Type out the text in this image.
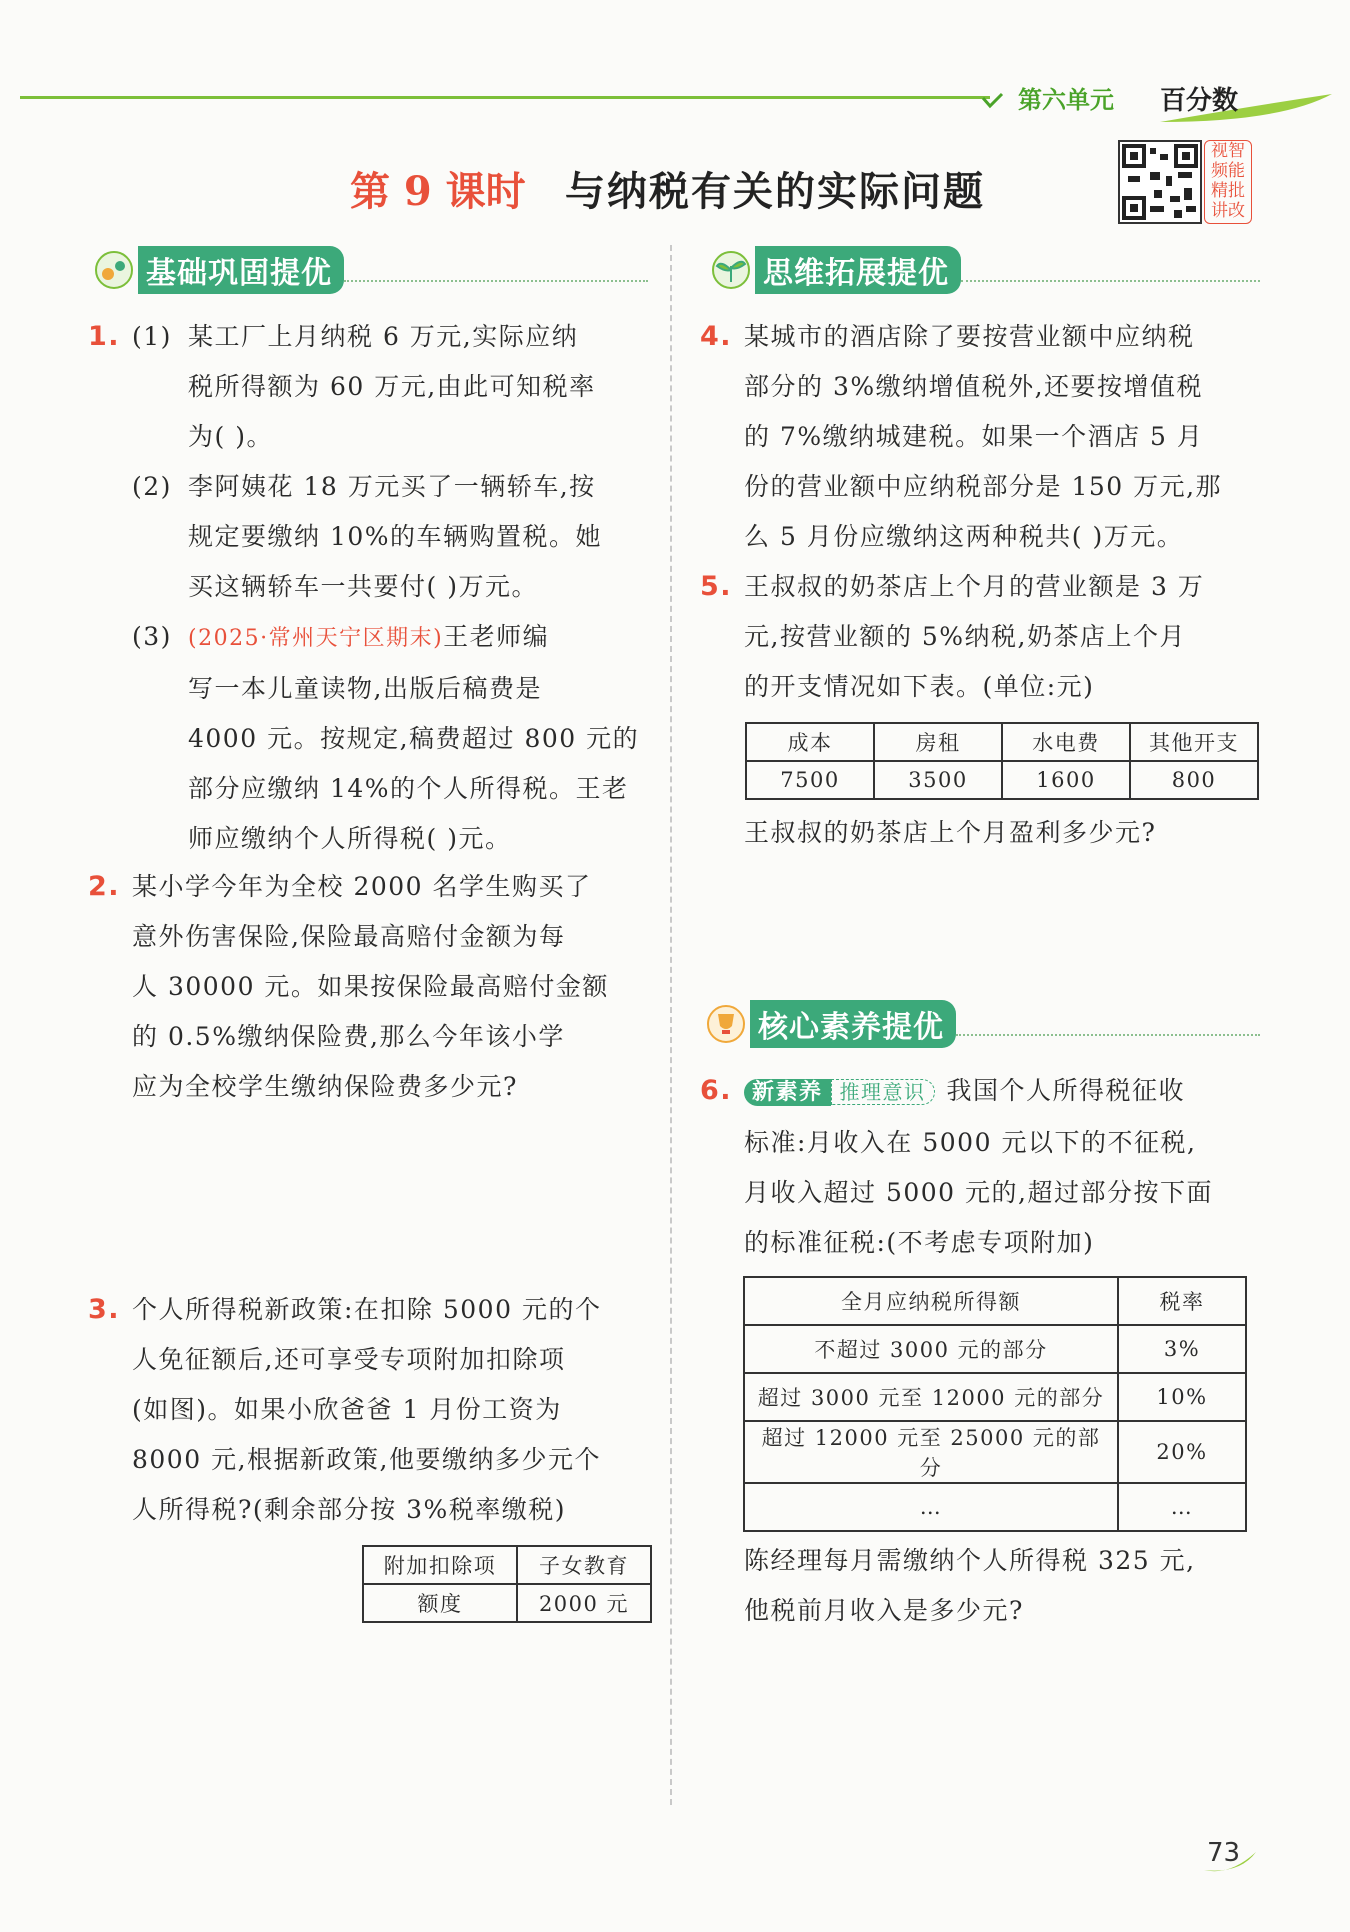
第六单元 百分数
第 9 课时 与纳税有关的实际问题
视智
频能
精批
讲改
基础巩固提优
1. (1) 某工厂上月纳税 6 万元,实际应纳
税所得额为 60 万元,由此可知税率
为( )。
(2) 李阿姨花 18 万元买了一辆轿车,按
规定要缴纳 10%的车辆购置税。她
买这辆轿车一共要付( )万元。
(3) (2025·常州天宁区期末)王老师编
写一本儿童读物,出版后稿费是
4000 元。按规定,稿费超过 800 元的
部分应缴纳 14%的个人所得税。王老
师应缴纳个人所得税( )元。
2. 某小学今年为全校 2000 名学生购买了
意外伤害保险,保险最高赔付金额为每
人 30000 元。如果按保险最高赔付金额
的 0.5%缴纳保险费,那么今年该小学
应为全校学生缴纳保险费多少元?
3. 个人所得税新政策:在扣除 5000 元的个
人免征额后,还可享受专项附加扣除项
(如图)。如果小欣爸爸 1 月份工资为
8000 元,根据新政策,他要缴纳多少元个
人所得税?(剩余部分按 3%税率缴税)
附加扣除项	子女教育
额度	2000 元
思维拓展提优
4. 某城市的酒店除了要按营业额中应纳税
部分的 3%缴纳增值税外,还要按增值税
的 7%缴纳城建税。如果一个酒店 5 月
份的营业额中应纳税部分是 150 万元,那
么 5 月份应缴纳这两种税共( )万元。
5. 王叔叔的奶茶店上个月的营业额是 3 万
元,按营业额的 5%纳税,奶茶店上个月
的开支情况如下表。(单位:元)
成本	房租	水电费	其他开支
7500	3500	1600	800
王叔叔的奶茶店上个月盈利多少元?
核心素养提优
6. 新素养 推理意识 我国个人所得税征收
标准:月收入在 5000 元以下的不征税,
月收入超过 5000 元的,超过部分按下面
的标准征税:(不考虑专项附加)
全月应纳税所得额	税率
不超过 3000 元的部分	3%
超过 3000 元至 12000 元的部分	10%
超过 12000 元至 25000 元的部分	20%
…	…
陈经理每月需缴纳个人所得税 325 元,
他税前月收入是多少元?
73
